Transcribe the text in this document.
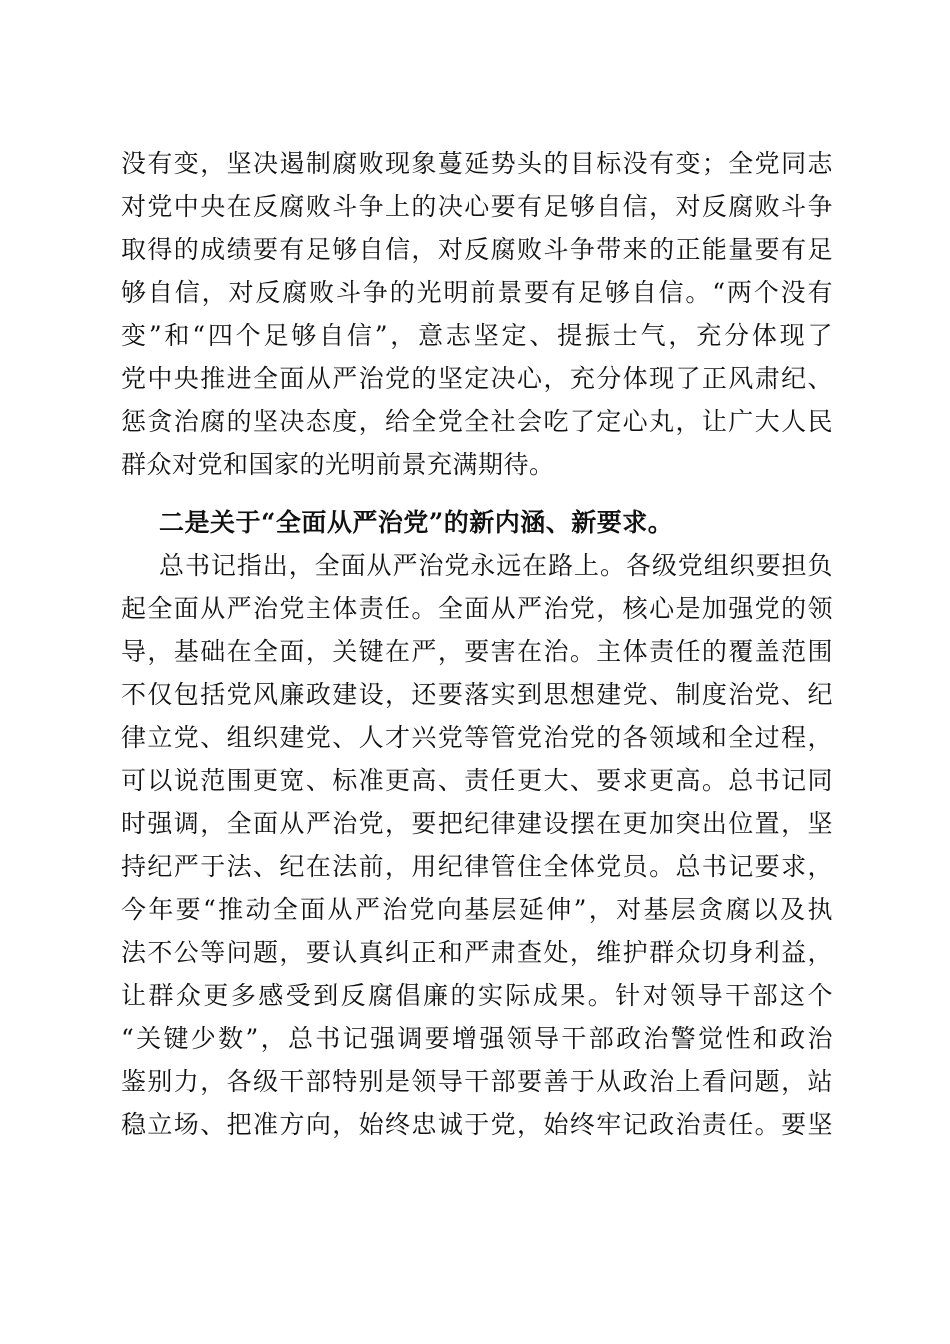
没有变，坚决遏制腐败现象蔓延势头的目标没有变；全党同志
对党中央在反腐败斗争上的决心要有足够自信，对反腐败斗争
取得的成绩要有足够自信，对反腐败斗争带来的正能量要有足
够自信，对反腐败斗争的光明前景要有足够自信。“两个没有
变”和“四个足够自信”，意志坚定、提振士气，充分体现了
党中央推进全面从严治党的坚定决心，充分体现了正风肃纪、
惩贪治腐的坚决态度，给全党全社会吃了定心丸，让广大人民
群众对党和国家的光明前景充满期待。
二是关于“全面从严治党”的新内涵、新要求。
总书记指出，全面从严治党永远在路上。各级党组织要担负
起全面从严治党主体责任。全面从严治党，核心是加强党的领
导，基础在全面，关键在严，要害在治。主体责任的覆盖范围
不仅包括党风廉政建设，还要落实到思想建党、制度治党、纪
律立党、组织建党、人才兴党等管党治党的各领域和全过程，
可以说范围更宽、标准更高、责任更大、要求更高。总书记同
时强调，全面从严治党，要把纪律建设摆在更加突出位置，坚
持纪严于法、纪在法前，用纪律管住全体党员。总书记要求，
今年要“推动全面从严治党向基层延伸”，对基层贪腐以及执
法不公等问题，要认真纠正和严肃查处，维护群众切身利益，
让群众更多感受到反腐倡廉的实际成果。针对领导干部这个
“关键少数”，总书记强调要增强领导干部政治警觉性和政治
鉴别力，各级干部特别是领导干部要善于从政治上看问题，站
稳立场、把准方向，始终忠诚于党，始终牢记政治责任。要坚
